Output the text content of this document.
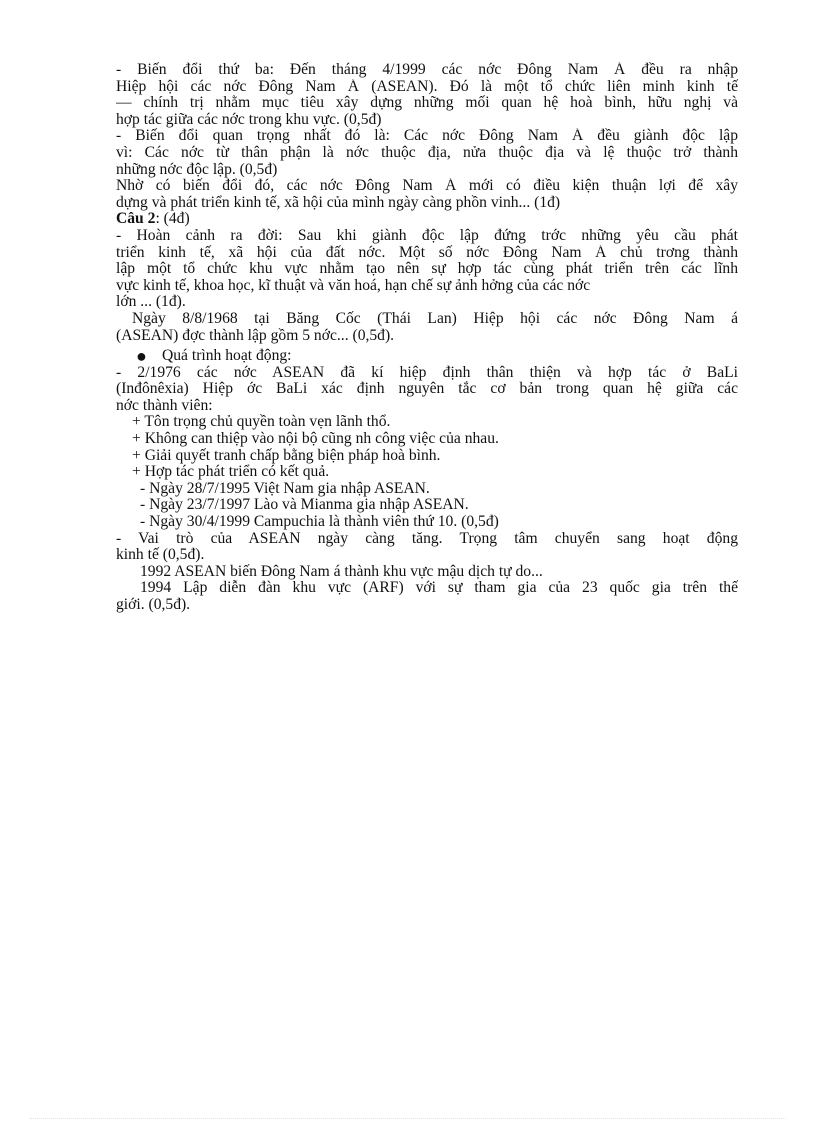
- Biến đổi thứ ba: Đến tháng 4/1999 các nớc Đông Nam Á đều ra nhập
Hiệp hội các nớc Đông Nam Á (ASEAN). Đó là một tổ chức liên minh kinh tế
— chính trị nhằm mục tiêu xây dựng những mối quan hệ hoà bình, hữu nghị và
hợp tác giữa các nớc trong khu vực. (0,5đ)
- Biến đổi quan trọng nhất đó là: Các nớc Đông Nam Á đều giành độc lập
vì: Các nớc từ thân phận là nớc thuộc địa, nửa thuộc địa và lệ thuộc trở thành
những nớc độc lập. (0,5đ)
Nhờ có biến đổi đó, các nớc Đông Nam Á mới có điều kiện thuận lợi để xây
dựng và phát triển kinh tế, xã hội của mình ngày càng phồn vinh... (1đ)
Câu 2: (4đ)
- Hoàn cảnh ra đời: Sau khi giành độc lập đứng trớc những yêu cầu phát
triển kinh tế, xã hội của đất nớc. Một số nớc Đông Nam Á chủ trơng thành
lập một tổ chức khu vực nhằm tạo nên sự hợp tác cùng phát triển trên các lĩnh
vực kinh tế, khoa học, kĩ thuật và văn hoá, hạn chế sự ảnh hởng của các nớc
lớn ... (1đ).
Ngày 8/8/1968 tại Băng Cốc (Thái Lan) Hiệp hội các nớc Đông Nam á
(ASEAN) đợc thành lập gồm 5 nớc... (0,5đ).
● Quá trình hoạt động:
- 2/1976 các nớc ASEAN đã kí hiệp định thân thiện và hợp tác ở BaLi
(Inđônêxia) Hiệp ớc BaLi xác định nguyên tắc cơ bản trong quan hệ giữa các
nớc thành viên:
+ Tôn trọng chủ quyền toàn vẹn lãnh thổ.
+ Không can thiệp vào nội bộ cũng nh công việc của nhau.
+ Giải quyết tranh chấp bằng biện pháp hoà bình.
+ Hợp tác phát triển có kết quả.
- Ngày 28/7/1995 Việt Nam gia nhập ASEAN.
- Ngày 23/7/1997 Lào và Mianma gia nhập ASEAN.
- Ngày 30/4/1999 Campuchia là thành viên thứ 10. (0,5đ)
- Vai trò của ASEAN ngày càng tăng. Trọng tâm chuyển sang hoạt động
kinh tế (0,5đ).
1992 ASEAN biến Đông Nam á thành khu vực mậu dịch tự do...
1994 Lập diễn đàn khu vực (ARF) với sự tham gia của 23 quốc gia trên thế
giới. (0,5đ).
